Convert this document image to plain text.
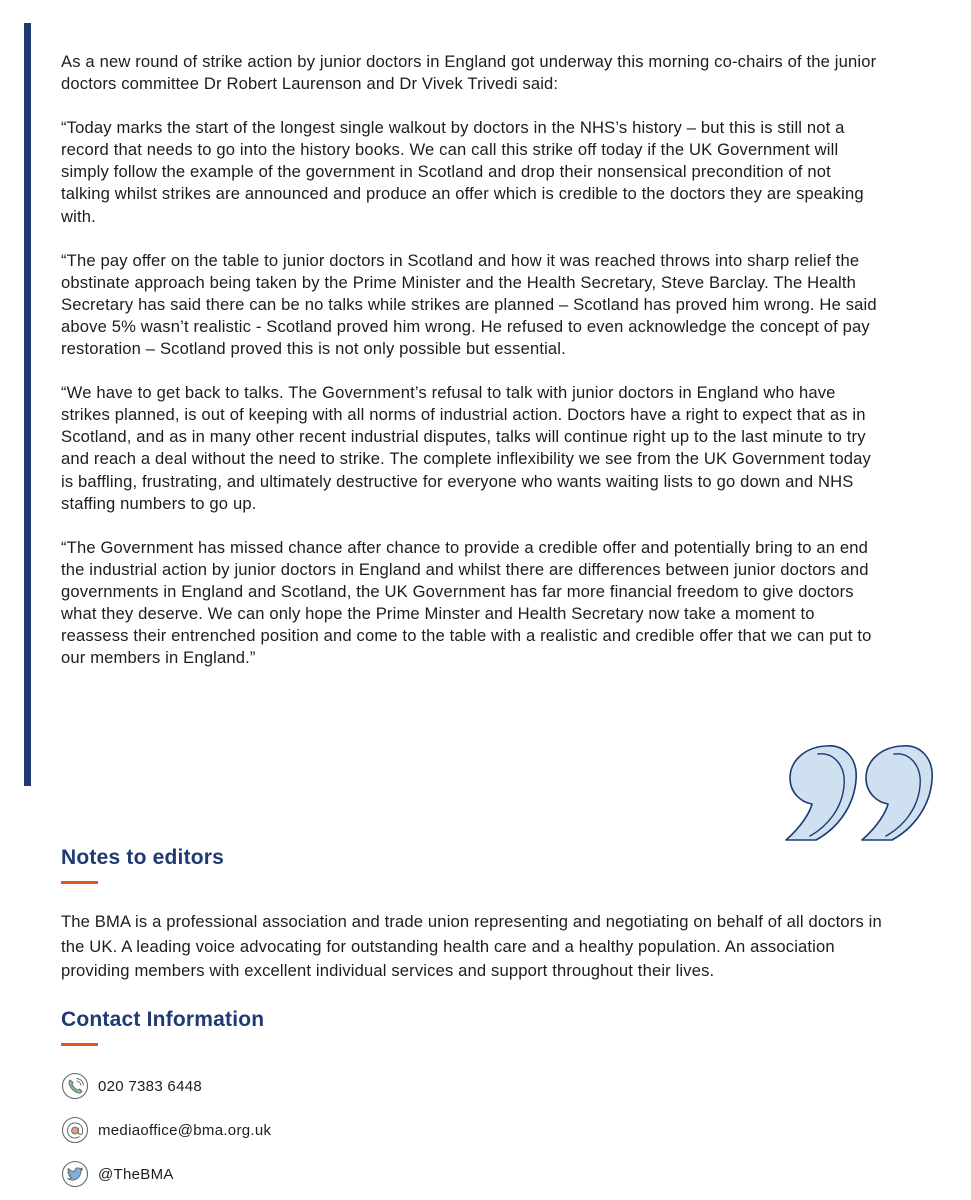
As a new round of strike action by junior doctors in England got underway this morning co-chairs of the junior doctors committee Dr Robert Laurenson and Dr Vivek Trivedi said:

“Today marks the start of the longest single walkout by doctors in the NHS’s history – but this is still not a record that needs to go into the history books. We can call this strike off today if the UK Government will simply follow the example of the government in Scotland and drop their nonsensical precondition of not talking whilst strikes are announced and produce an offer which is credible to the doctors they are speaking with.

“The pay offer on the table to junior doctors in Scotland and how it was reached throws into sharp relief the obstinate approach being taken by the Prime Minister and the Health Secretary, Steve Barclay. The Health Secretary has said there can be no talks while strikes are planned – Scotland has proved him wrong. He said above 5% wasn’t realistic - Scotland proved him wrong. He refused to even acknowledge the concept of pay restoration – Scotland proved this is not only possible but essential.

“We have to get back to talks. The Government’s refusal to talk with junior doctors in England who have strikes planned, is out of keeping with all norms of industrial action. Doctors have a right to expect that as in Scotland, and as in many other recent industrial disputes, talks will continue right up to the last minute to try and reach a deal without the need to strike. The complete inflexibility we see from the UK Government today is baffling, frustrating, and ultimately destructive for everyone who wants waiting lists to go down and NHS staffing numbers to go up.

“The Government has missed chance after chance to provide a credible offer and potentially bring to an end the industrial action by junior doctors in England and whilst there are differences between junior doctors and governments in England and Scotland, the UK Government has far more financial freedom to give doctors what they deserve. We can only hope the Prime Minster and Health Secretary now take a moment to reassess their entrenched position and come to the table with a realistic and credible offer that we can put to our members in England.”

Notes to editors

The BMA is a professional association and trade union representing and negotiating on behalf of all doctors in the UK. A leading voice advocating for outstanding health care and a healthy population. An association providing members with excellent individual services and support throughout their lives.

Contact Information
020 7383 6448
mediaoffice@bma.org.uk
@TheBMA
